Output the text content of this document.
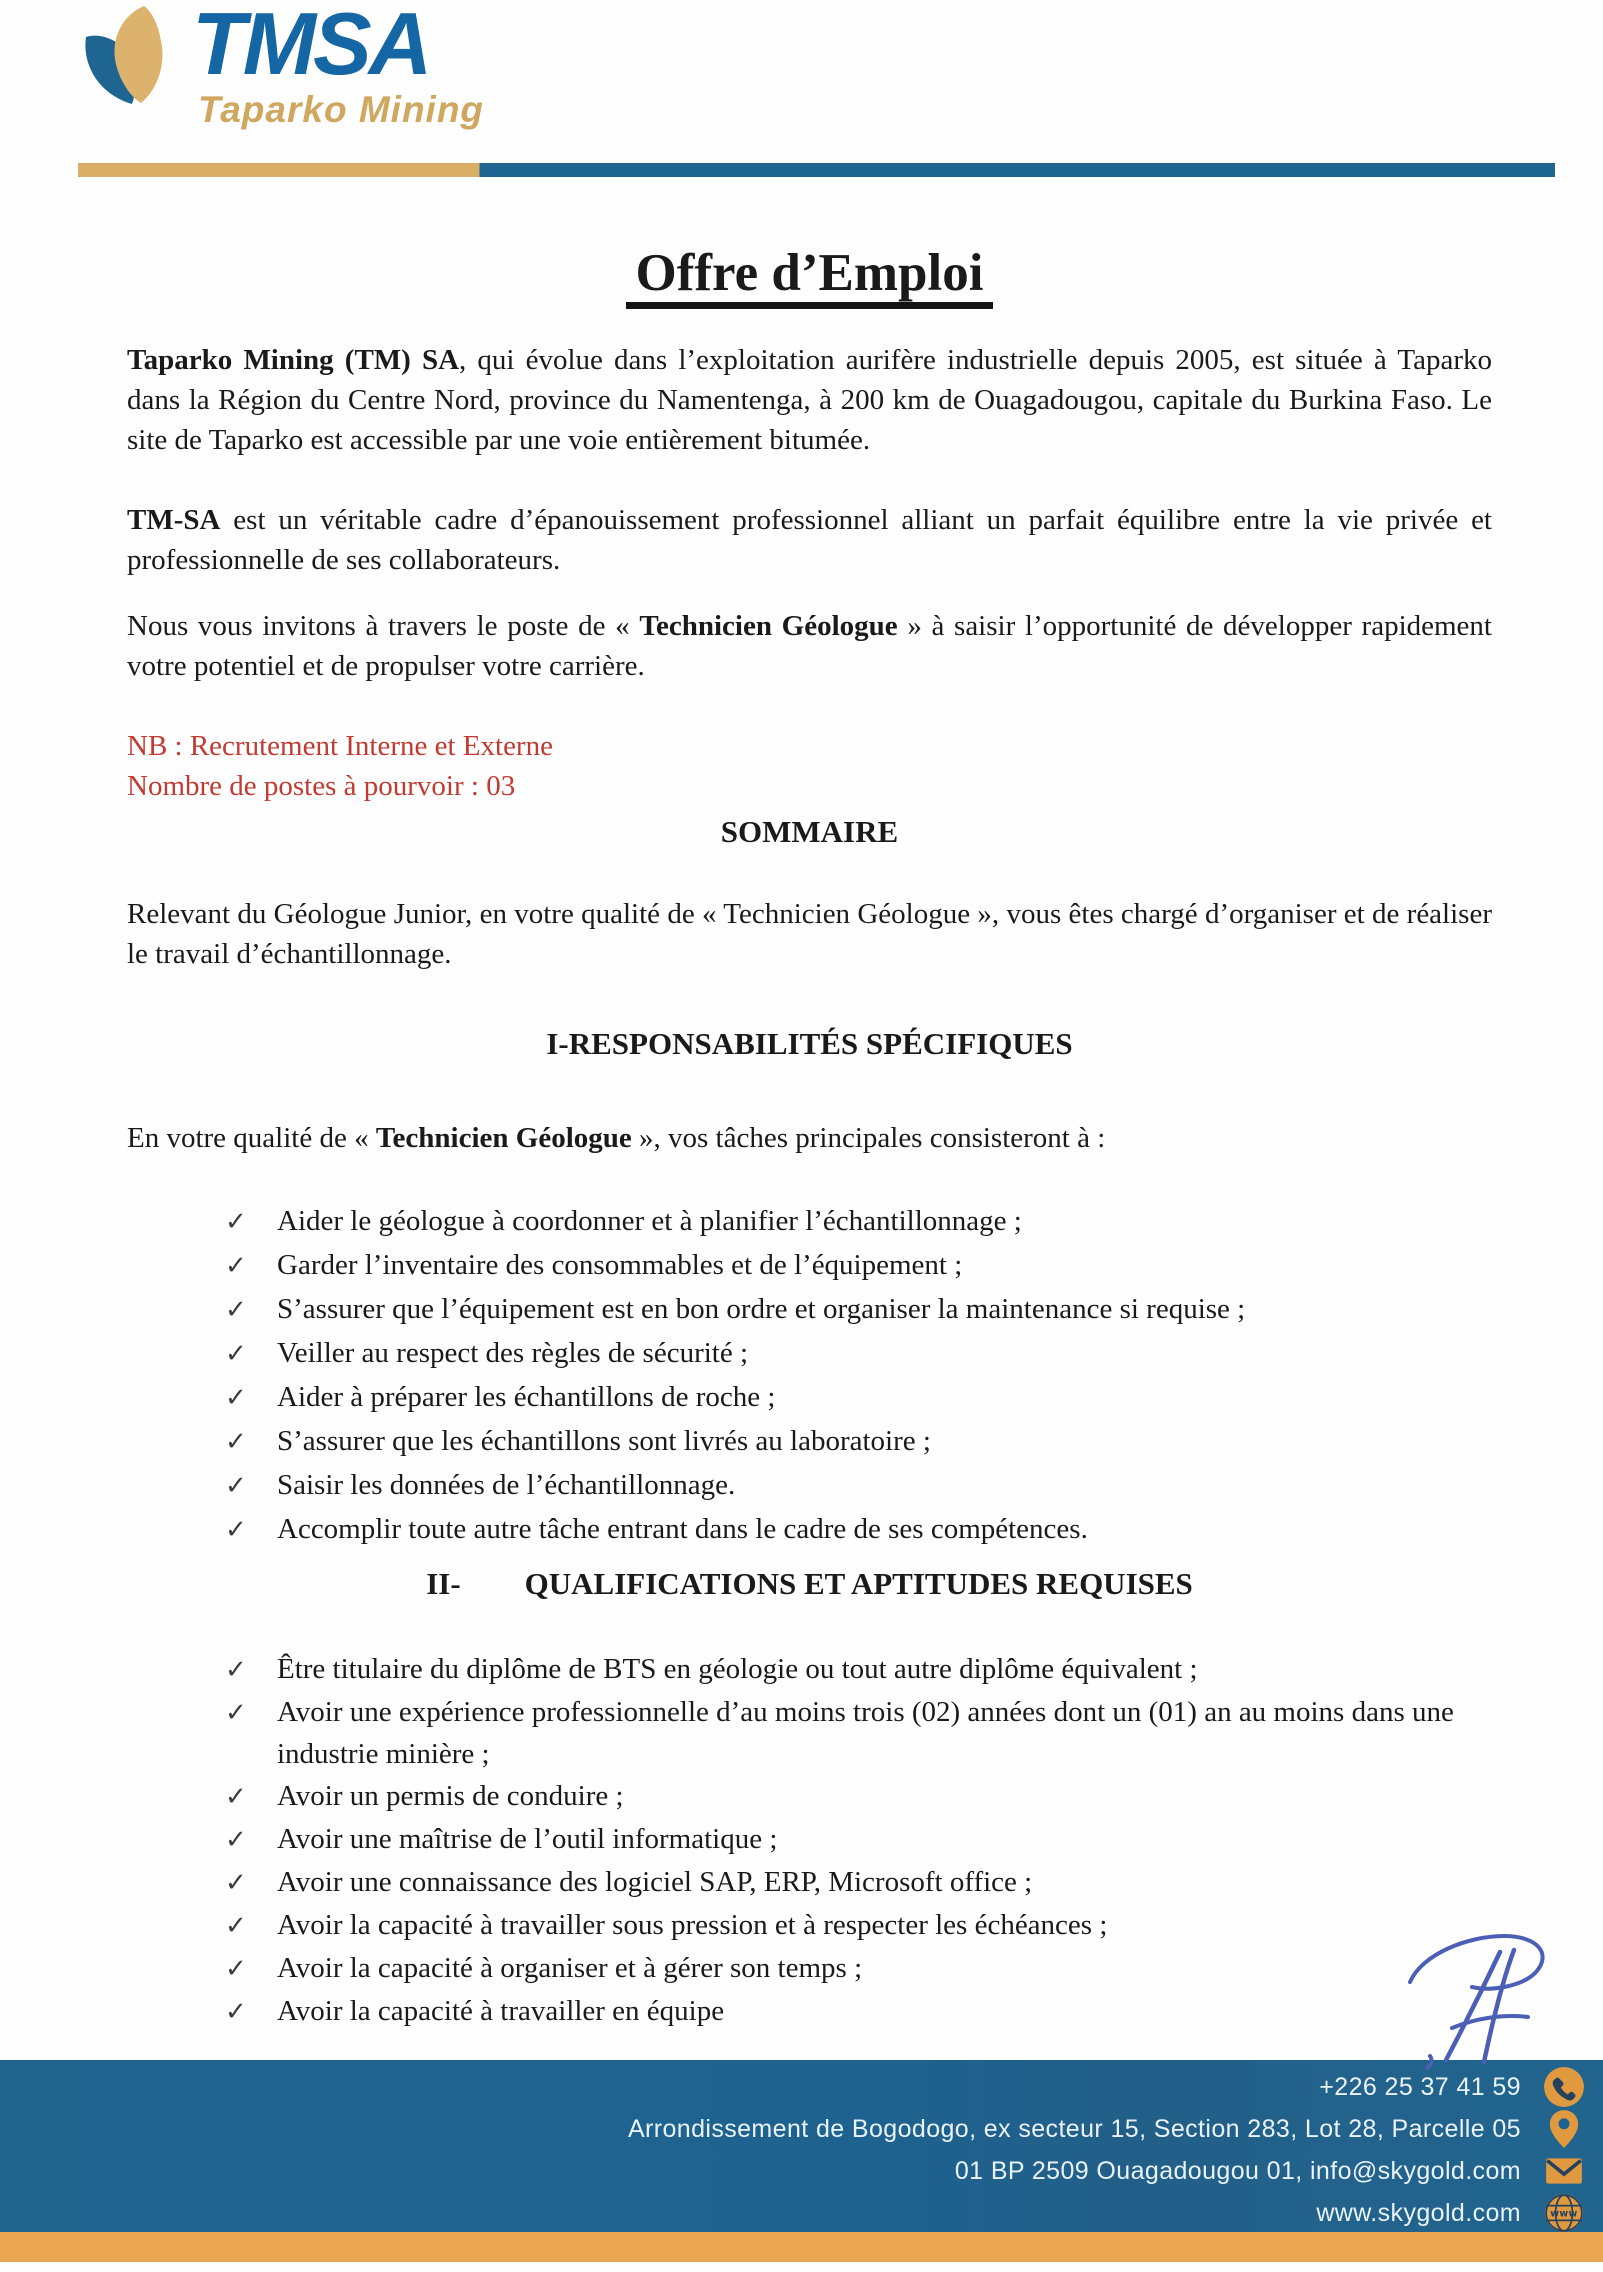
TMSA
Taparko Mining
Offre d’Emploi

Taparko Mining (TM) SA, qui évolue dans l’exploitation aurifère industrielle depuis 2005, est située à Taparko dans la Région du Centre Nord, province du Namentenga, à 200 km de Ouagadougou, capitale du Burkina Faso. Le site de Taparko est accessible par une voie entièrement bitumée.

TM-SA est un véritable cadre d’épanouissement professionnel alliant un parfait équilibre entre la vie privée et professionnelle de ses collaborateurs.

Nous vous invitons à travers le poste de « Technicien Géologue » à saisir l’opportunité de développer rapidement votre potentiel et de propulser votre carrière.

NB : Recrutement Interne et Externe
Nombre de postes à pourvoir : 03

SOMMAIRE

Relevant du Géologue Junior, en votre qualité de « Technicien Géologue », vous êtes chargé d’organiser et de réaliser le travail d’échantillonnage.

I-RESPONSABILITÉS SPÉCIFIQUES

En votre qualité de « Technicien Géologue », vos tâches principales consisteront à :

✓	Aider le géologue à coordonner et à planifier l’échantillonnage ;
✓	Garder l’inventaire des consommables et de l’équipement ;
✓	S’assurer que l’équipement est en bon ordre et organiser la maintenance si requise ;
✓	Veiller au respect des règles de sécurité ;
✓	Aider à préparer les échantillons de roche ;
✓	S’assurer que les échantillons sont livrés au laboratoire ;
✓	Saisir les données de l’échantillonnage.
✓	Accomplir toute autre tâche entrant dans le cadre de ses compétences.
II- QUALIFICATIONS ET APTITUDES REQUISES
✓	Être titulaire du diplôme de BTS en géologie ou tout autre diplôme équivalent ;
✓	Avoir une expérience professionnelle d’au moins trois (02) années dont un (01) an au moins dans une industrie minière ;
✓	Avoir un permis de conduire ;
✓	Avoir une maîtrise de l’outil informatique ;
✓	Avoir une connaissance des logiciel SAP, ERP, Microsoft office ;
✓	Avoir la capacité à travailler sous pression et à respecter les échéances ;
✓	Avoir la capacité à organiser et à gérer son temps ;
✓	Avoir la capacité à travailler en équipe
+226 25 37 41 59
Arrondissement de Bogodogo, ex secteur 15, Section 283, Lot 28, Parcelle 05
01 BP 2509 Ouagadougou 01, info@skygold.com
www.skygold.com	www
